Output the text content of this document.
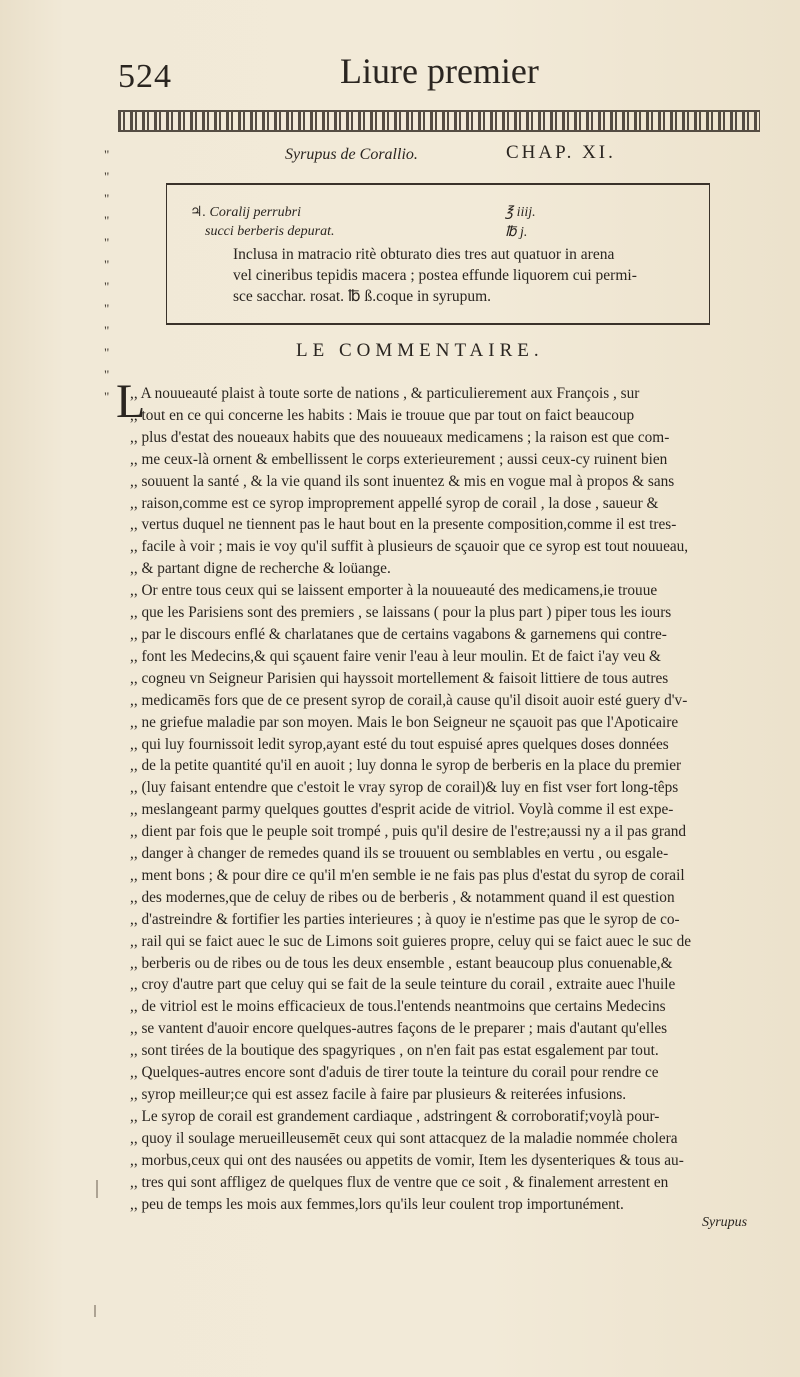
524	Liure premier
Syrupus de Corallio.	CHAP. XI.
"
"
"
"
"
"
"
"
"
"
"
"
♃. Coralij perrubri	℥ iiij.
succi berberis depurat.	℔ j.
Inclusa in matracio ritè obturato dies tres aut quatuor in arena
vel cineribus tepidis macera ; postea effunde liquorem cui permi-
sce sacchar. rosat. ℔ ß.coque in syrupum.
LE COMMENTAIRE.
L
,, A nouueauté plaist à toute sorte de nations , & particulierement aux François , sur
,, tout en ce qui concerne les habits : Mais ie trouue que par tout on faict beaucoup
,, plus d'estat des noueaux habits que des nouueaux medicamens ; la raison est que com-
,, me ceux-là ornent & embellissent le corps exterieurement ; aussi ceux-cy ruinent bien
,, souuent la santé , & la vie quand ils sont inuentez & mis en vogue mal à propos & sans
,, raison,comme est ce syrop improprement appellé syrop de corail , la dose , saueur &
,, vertus duquel ne tiennent pas le haut bout en la presente composition,comme il est tres-
,, facile à voir ; mais ie voy qu'il suffit à plusieurs de sçauoir que ce syrop est tout nouueau,
,, & partant digne de recherche & loüange.
,, Or entre tous ceux qui se laissent emporter à la nouueauté des medicamens,ie trouue
,, que les Parisiens sont des premiers , se laissans ( pour la plus part ) piper tous les iours
,, par le discours enflé & charlatanes que de certains vagabons & garnemens qui contre-
,, font les Medecins,& qui sçauent faire venir l'eau à leur moulin. Et de faict i'ay veu &
,, cogneu vn Seigneur Parisien qui hayssoit mortellement & faisoit littiere de tous autres
,, medicamēs fors que de ce present syrop de corail,à cause qu'il disoit auoir esté guery d'v-
,, ne griefue maladie par son moyen. Mais le bon Seigneur ne sçauoit pas que l'Apoticaire
,, qui luy fournissoit ledit syrop,ayant esté du tout espuisé apres quelques doses données
,, de la petite quantité qu'il en auoit ; luy donna le syrop de berberis en la place du premier
,, (luy faisant entendre que c'estoit le vray syrop de corail)& luy en fist vser fort long-têps
,, meslangeant parmy quelques gouttes d'esprit acide de vitriol. Voylà comme il est expe-
,, dient par fois que le peuple soit trompé , puis qu'il desire de l'estre;aussi ny a il pas grand
,, danger à changer de remedes quand ils se trouuent ou semblables en vertu , ou esgale-
,, ment bons ; & pour dire ce qu'il m'en semble ie ne fais pas plus d'estat du syrop de corail
,, des modernes,que de celuy de ribes ou de berberis , & notamment quand il est question
,, d'astreindre & fortifier les parties interieures ; à quoy ie n'estime pas que le syrop de co-
,, rail qui se faict auec le suc de Limons soit guieres propre, celuy qui se faict auec le suc de
,, berberis ou de ribes ou de tous les deux ensemble , estant beaucoup plus conuenable,&
,, croy d'autre part que celuy qui se fait de la seule teinture du corail , extraite auec l'huile
,, de vitriol est le moins efficacieux de tous.l'entends neantmoins que certains Medecins
,, se vantent d'auoir encore quelques-autres façons de le preparer ; mais d'autant qu'elles
,, sont tirées de la boutique des spagyriques , on n'en fait pas estat esgalement par tout.
,, Quelques-autres encore sont d'aduis de tirer toute la teinture du corail pour rendre ce
,, syrop meilleur;ce qui est assez facile à faire par plusieurs & reiterées infusions.
,, Le syrop de corail est grandement cardiaque , adstringent & corroboratif;voylà pour-
,, quoy il soulage merueilleusemēt ceux qui sont attacquez de la maladie nommée cholera
,, morbus,ceux qui ont des nausées ou appetits de vomir, Item les dysenteriques & tous au-
,, tres qui sont affligez de quelques flux de ventre que ce soit , & finalement arrestent en
,, peu de temps les mois aux femmes,lors qu'ils leur coulent trop importunément.
Syrupus
